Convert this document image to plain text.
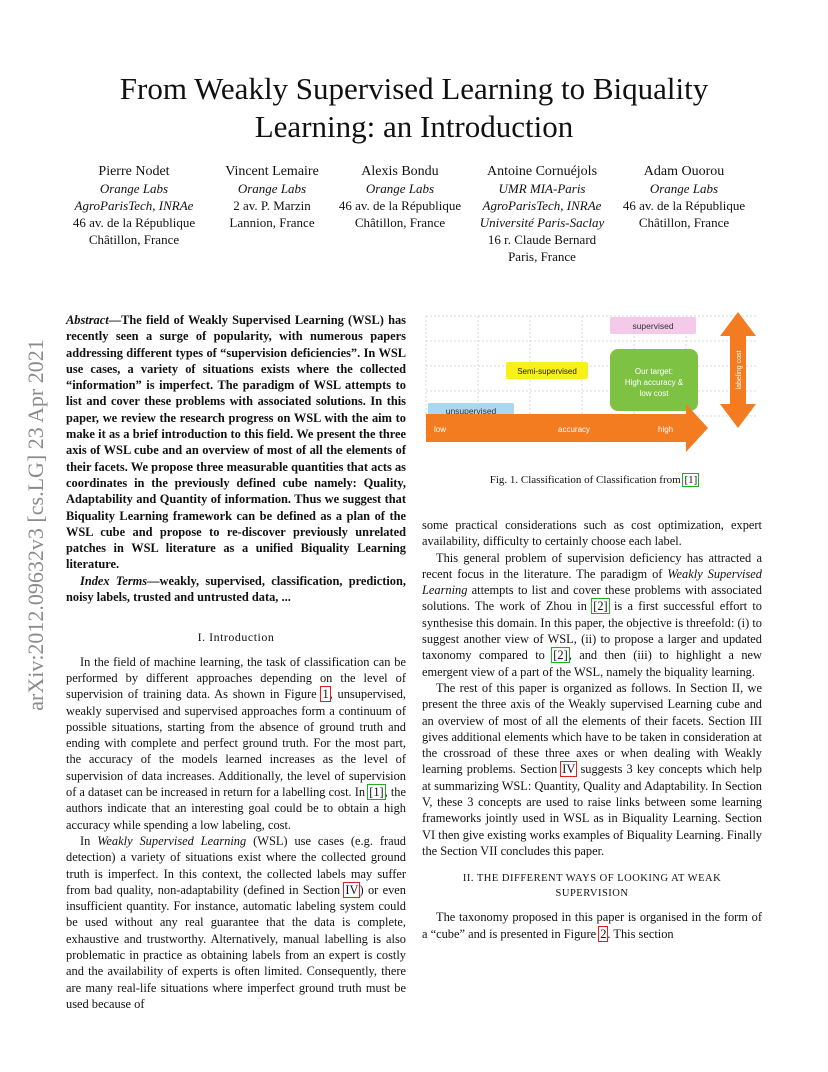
From Weakly Supervised Learning to Biquality Learning: an Introduction
Pierre Nodet
Orange Labs
AgroParisTech, INRAe
46 av. de la République
Châtillon, France
Vincent Lemaire
Orange Labs
2 av. P. Marzin
Lannion, France
Alexis Bondu
Orange Labs
46 av. de la République
Châtillon, France
Antoine Cornuéjols
UMR MIA-Paris
AgroParisTech, INRAe
Université Paris-Saclay
16 r. Claude Bernard
Paris, France
Adam Ouorou
Orange Labs
46 av. de la République
Châtillon, France
arXiv:2012.09632v3 [cs.LG] 23 Apr 2021

Abstract—The field of Weakly Supervised Learning (WSL) has recently seen a surge of popularity, with numerous papers addressing different types of “supervision deficiencies”. In WSL use cases, a variety of situations exists where the collected “information” is imperfect. The paradigm of WSL attempts to list and cover these problems with associated solutions. In this paper, we review the research progress on WSL with the aim to make it as a brief introduction to this field. We present the three axis of WSL cube and an overview of most of all the elements of their facets. We propose three measurable quantities that acts as coordinates in the previously defined cube namely: Quality, Adaptability and Quantity of information. Thus we suggest that Biquality Learning framework can be defined as a plan of the WSL cube and propose to re-discover previously unrelated patches in WSL literature as a unified Biquality Learning literature.

Index Terms—weakly, supervised, classification, prediction, noisy labels, trusted and untrusted data, ...

I. Introduction

In the field of machine learning, the task of classification can be performed by different approaches depending on the level of supervision of training data. As shown in Figure 1, unsupervised, weakly supervised and supervised approaches form a continuum of possible situations, starting from the absence of ground truth and ending with complete and perfect ground truth. For the most part, the accuracy of the models learned increases as the level of supervision of data increases. Additionally, the level of supervision of a dataset can be increased in return for a labelling cost. In [1], the authors indicate that an interesting goal could be to obtain a high accuracy while spending a low labeling, cost.

In Weakly Supervised Learning (WSL) use cases (e.g. fraud detection) a variety of situations exist where the collected ground truth is imperfect. In this context, the collected labels may suffer from bad quality, non-adaptability (defined in Section IV) or even insufficient quantity. For instance, automatic labeling system could be used without any real guarantee that the data is complete, exhaustive and trustworthy. Alternatively, manual labelling is also problematic in practice as obtaining labels from an expert is costly and the availability of experts is often limited. Consequently, there are many real-life situations where imperfect ground truth must be used because of

supervised
Semi-supervised
unsupervised
Our target:
High accuracy &
low cost
low	accuracy	high
labeling cost
Fig. 1. Classification of Classification from [1]

some practical considerations such as cost optimization, expert availability, difficulty to certainly choose each label.

This general problem of supervision deficiency has attracted a recent focus in the literature. The paradigm of Weakly Supervised Learning attempts to list and cover these problems with associated solutions. The work of Zhou in [2] is a first successful effort to synthesise this domain. In this paper, the objective is threefold: (i) to suggest another view of WSL, (ii) to propose a larger and updated taxonomy compared to [2], and then (iii) to highlight a new emergent view of a part of the WSL, namely the biquality learning.

The rest of this paper is organized as follows. In Section II, we present the three axis of the Weakly supervised Learning cube and an overview of most of all the elements of their facets. Section III gives additional elements which have to be taken in consideration at the crossroad of these three axes or when dealing with Weakly learning problems. Section IV suggests 3 key concepts which help at summarizing WSL: Quantity, Quality and Adaptability. In Section V, these 3 concepts are used to raise links between some learning frameworks jointly used in WSL as in Biquality Learning. Section VI then give existing works examples of Biquality Learning. Finally the Section VII concludes this paper.

II. THE DIFFERENT WAYS OF LOOKING AT WEAK SUPERVISION

The taxonomy proposed in this paper is organised in the form of a “cube” and is presented in Figure 2. This section
